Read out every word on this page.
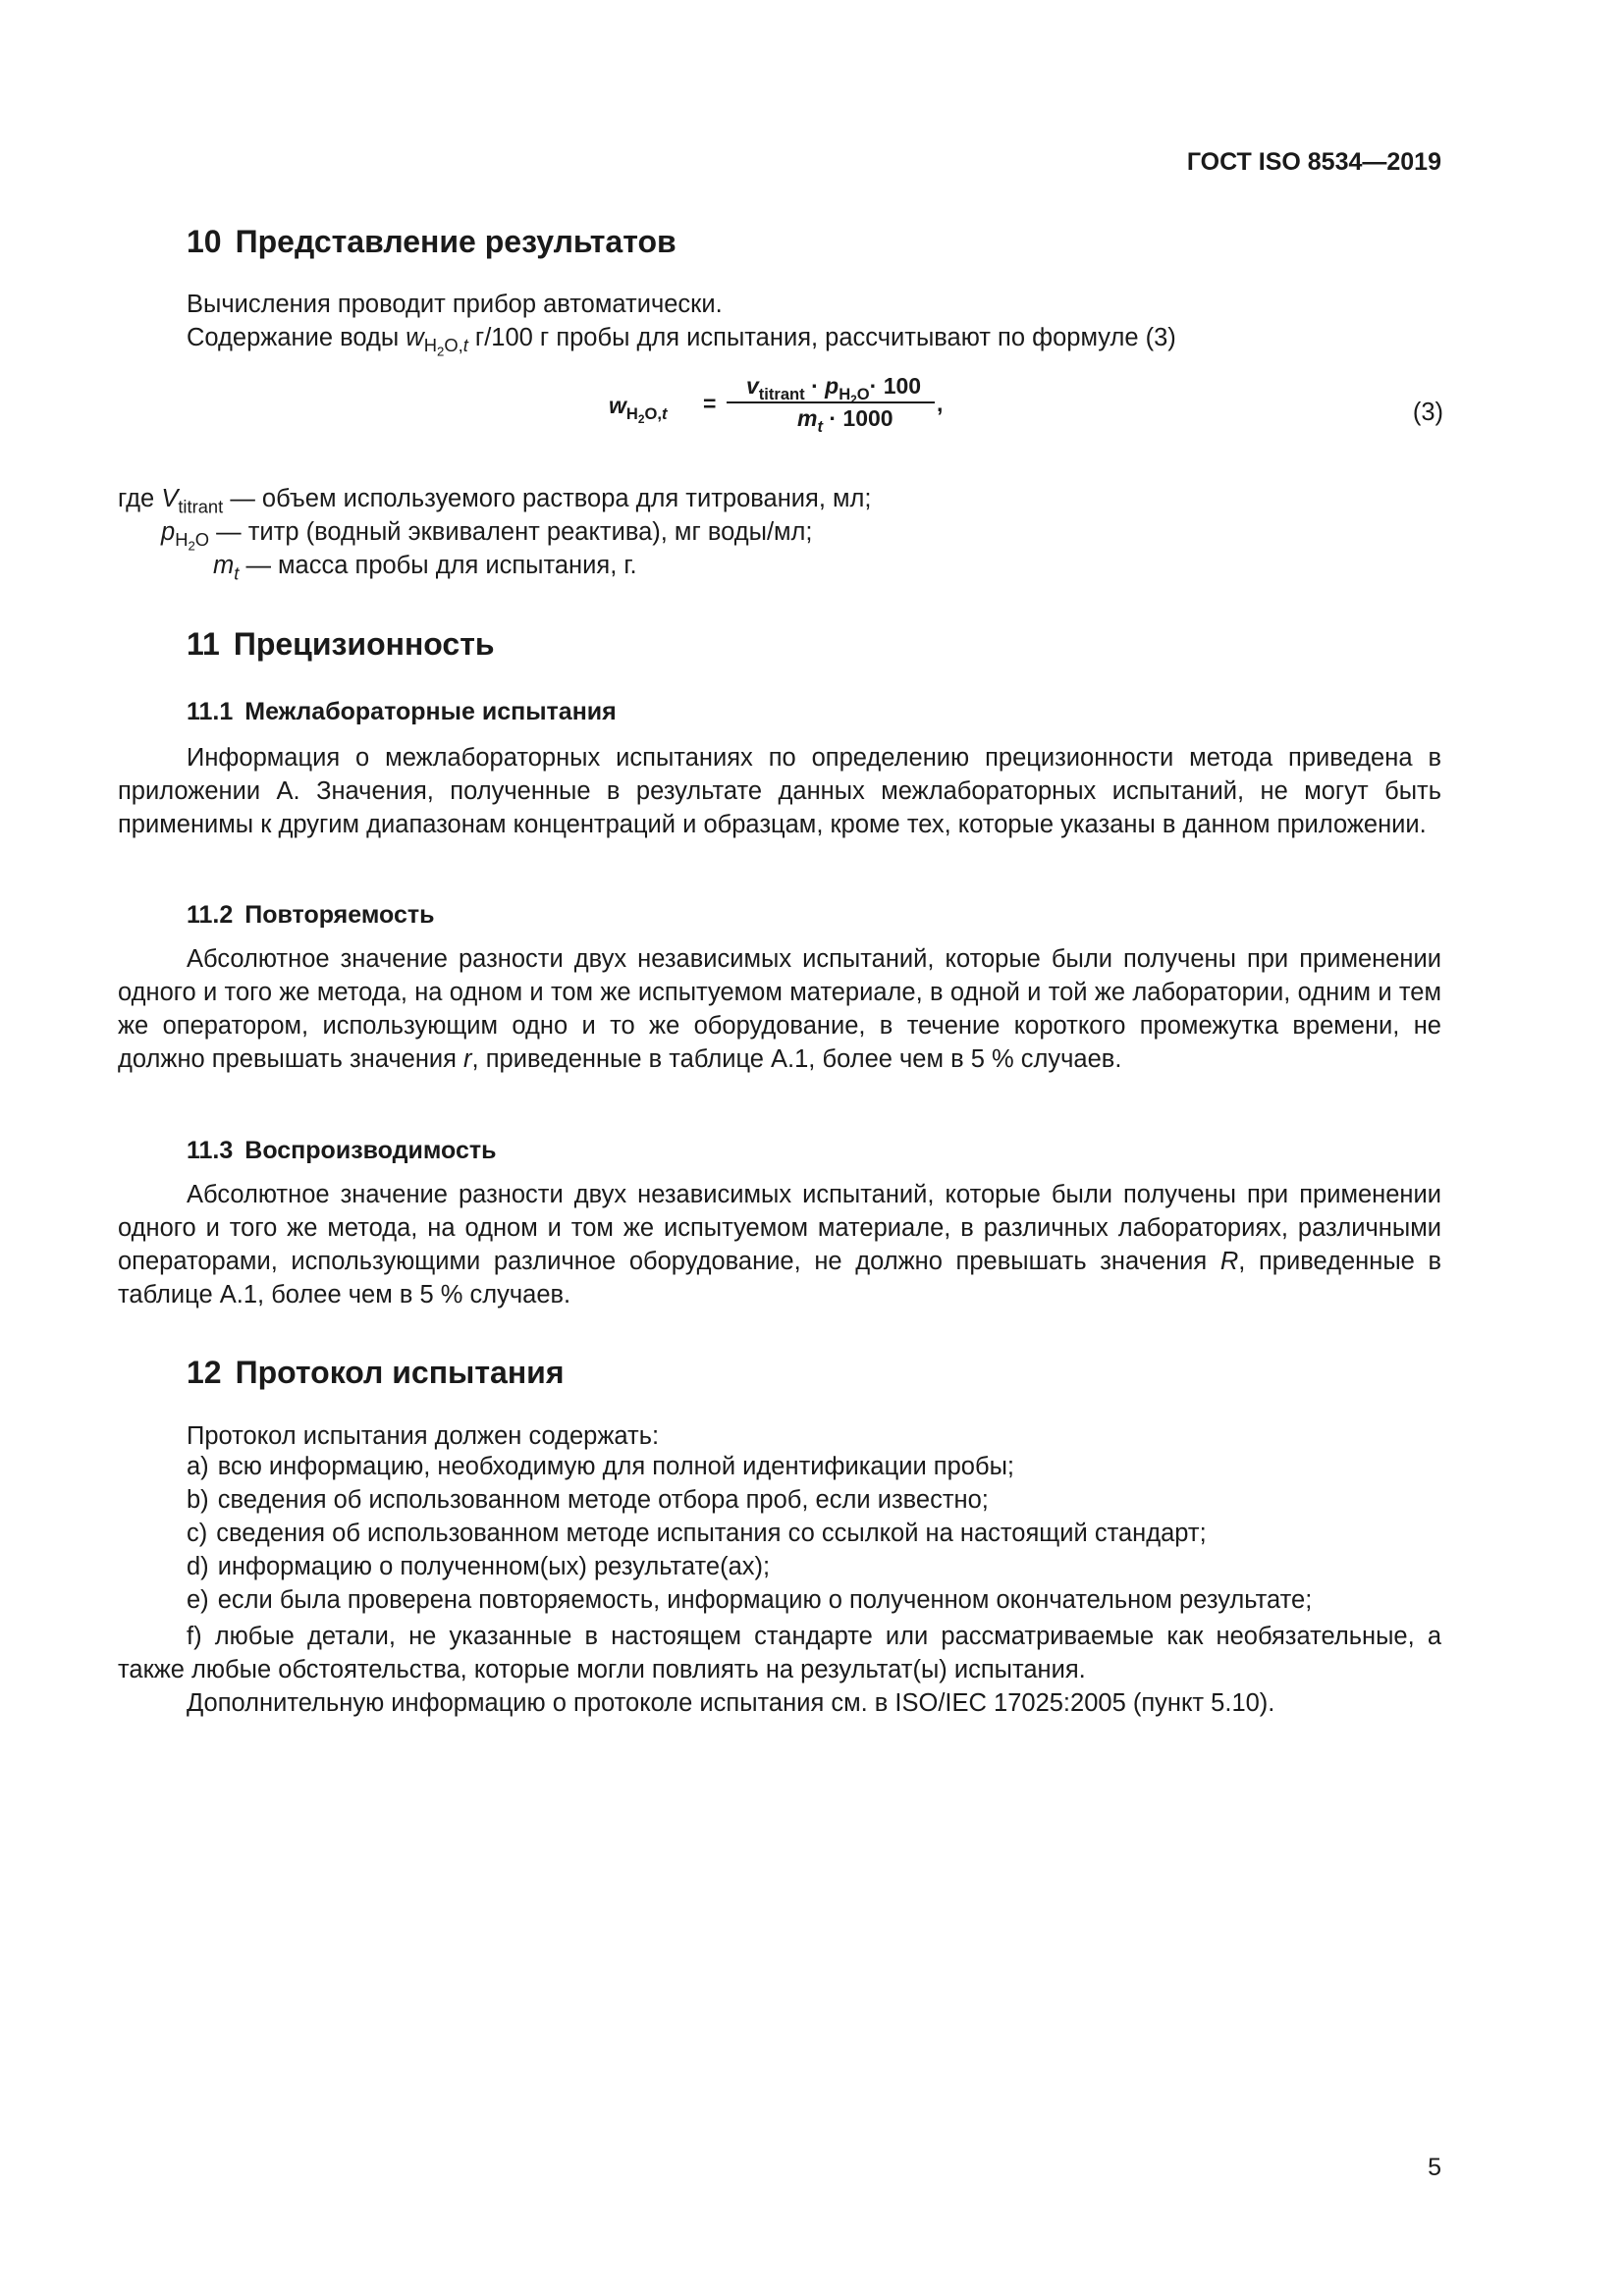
ГОСТ ISO 8534—2019
10 Представление результатов

Вычисления проводит прибор автоматически.

Содержание воды $w_{H_2O,t}$ г/100 г пробы для испытания, рассчитывают по формуле (3)

$w_{H_2O,t}$ =
$v_{titrant} \cdot p_{H_2O}\cdot 100$
$m_t \cdot 1000$
,	(3)
где $V_{titrant}$ — объем используемого раствора для титрования, мл;
$p_{H_2O}$ — титр (водный эквивалент реактива), мг воды/мл;
$m_t$ — масса пробы для испытания, г.
11 Прецизионность
11.1 Межлабораторные испытания

Информация о межлабораторных испытаниях по определению прецизионности метода приведена в приложении А. Значения, полученные в результате данных межлабораторных испытаний, не могут быть применимы к другим диапазонам концентраций и образцам, кроме тех, которые указаны в данном приложении.

11.2 Повторяемость

Абсолютное значение разности двух независимых испытаний, которые были получены при применении одного и того же метода, на одном и том же испытуемом материале, в одной и той же лаборатории, одним и тем же оператором, использующим одно и то же оборудование, в течение короткого промежутка времени, не должно превышать значения r, приведенные в таблице А.1, более чем в 5 % случаев.

11.3 Воспроизводимость

Абсолютное значение разности двух независимых испытаний, которые были получены при применении одного и того же метода, на одном и том же испытуемом материале, в различных лабораториях, различными операторами, использующими различное оборудование, не должно превышать значения R, приведенные в таблице А.1, более чем в 5 % случаев.

12 Протокол испытания

Протокол испытания должен содержать:

a) всю информацию, необходимую для полной идентификации пробы;
b) сведения об использованном методе отбора проб, если известно;
c) сведения об использованном методе испытания со ссылкой на настоящий стандарт;
d) информацию о полученном(ых) результате(ах);
e) если была проверена повторяемость, информацию о полученном окончательном результате;

f) любые детали, не указанные в настоящем стандарте или рассматриваемые как необязательные, а также любые обстоятельства, которые могли повлиять на результат(ы) испытания.

Дополнительную информацию о протоколе испытания см. в ISO/IEC 17025:2005 (пункт 5.10).

5
